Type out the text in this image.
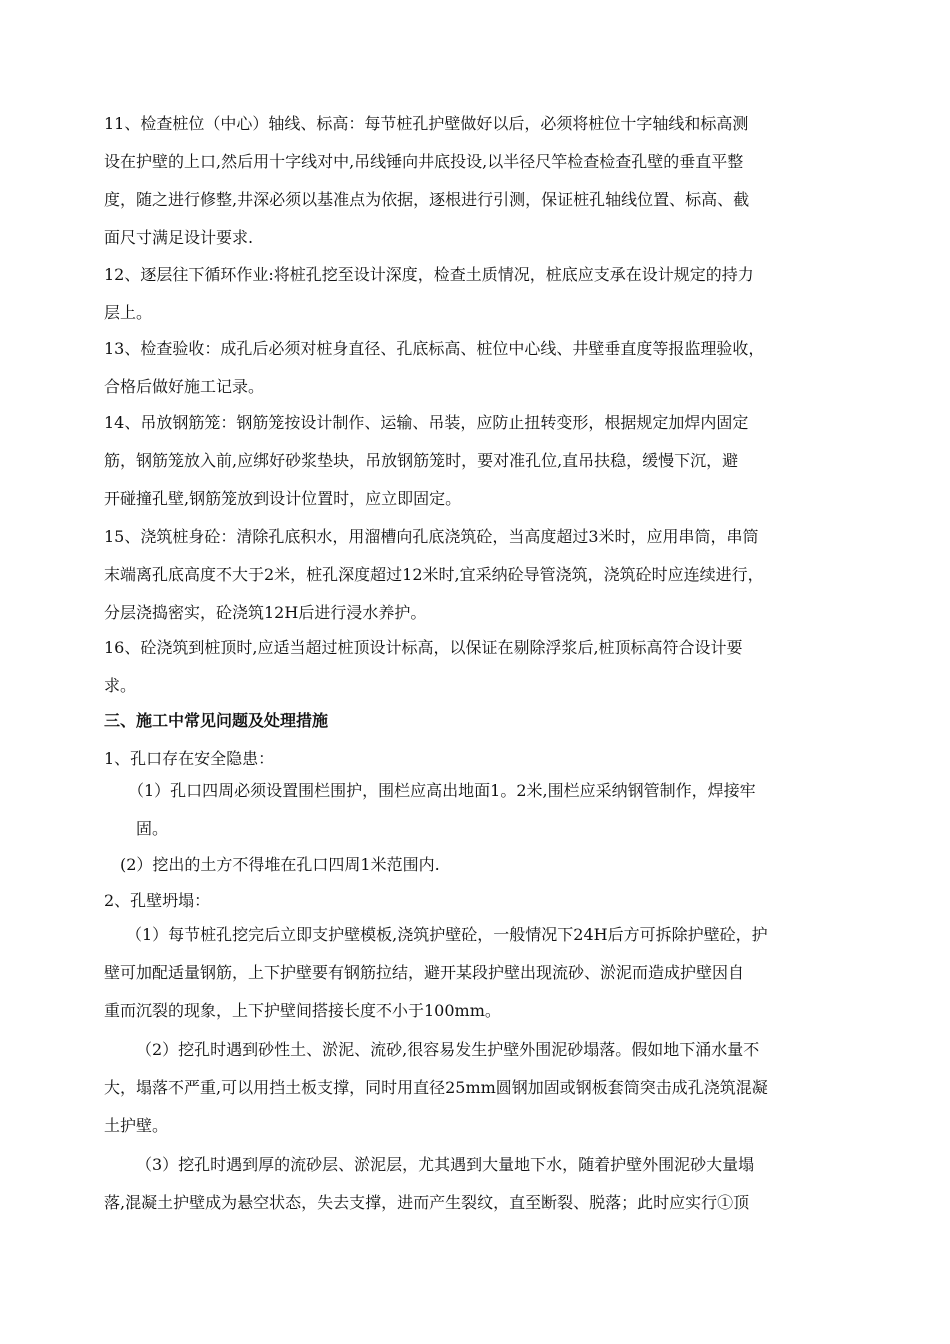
11、检查桩位（中心）轴线、标高：每节桩孔护壁做好以后，必须将桩位十字轴线和标高测
设在护壁的上口,然后用十字线对中,吊线锤向井底投设,以半径尺竿检查检查孔壁的垂直平整
度，随之进行修整,井深必须以基准点为依据，逐根进行引测，保证桩孔轴线位置、标高、截
面尺寸满足设计要求.
12、逐层往下循环作业:将桩孔挖至设计深度，检查土质情况，桩底应支承在设计规定的持力
层上。
13、检查验收：成孔后必须对桩身直径、孔底标高、桩位中心线、井壁垂直度等报监理验收，
合格后做好施工记录。
14、吊放钢筋笼：钢筋笼按设计制作、运输、吊装，应防止扭转变形，根据规定加焊内固定
筋，钢筋笼放入前,应绑好砂浆垫块，吊放钢筋笼时，要对准孔位,直吊扶稳，缓慢下沉，避
开碰撞孔壁,钢筋笼放到设计位置时，应立即固定。
15、浇筑桩身砼：清除孔底积水，用溜槽向孔底浇筑砼，当高度超过3米时，应用串筒，串筒
末端离孔底高度不大于2米，桩孔深度超过12米时,宜采纳砼导管浇筑，浇筑砼时应连续进行，
分层浇捣密实，砼浇筑12H后进行浸水养护。
16、砼浇筑到桩顶时,应适当超过桩顶设计标高，以保证在剔除浮浆后,桩顶标高符合设计要
求。
三、施工中常见问题及处理措施
1、孔口存在安全隐患：
（1）孔口四周必须设置围栏围护，围栏应高出地面1。2米,围栏应采纳钢管制作，焊接牢
固。
(2）挖出的土方不得堆在孔口四周1米范围内.
2、孔壁坍塌：
（1）每节桩孔挖完后立即支护壁模板,浇筑护壁砼，一般情况下24H后方可拆除护壁砼，护
壁可加配适量钢筋，上下护壁要有钢筋拉结，避开某段护壁出现流砂、淤泥而造成护壁因自
重而沉裂的现象，上下护壁间搭接长度不小于100mm。
（2）挖孔时遇到砂性土、淤泥、流砂,很容易发生护壁外围泥砂塌落。假如地下涌水量不
大，塌落不严重,可以用挡土板支撑，同时用直径25mm圆钢加固或钢板套筒突击成孔浇筑混凝
土护壁。
（3）挖孔时遇到厚的流砂层、淤泥层，尤其遇到大量地下水，随着护壁外围泥砂大量塌
落,混凝土护壁成为悬空状态，失去支撑，进而产生裂纹，直至断裂、脱落；此时应实行①顶
